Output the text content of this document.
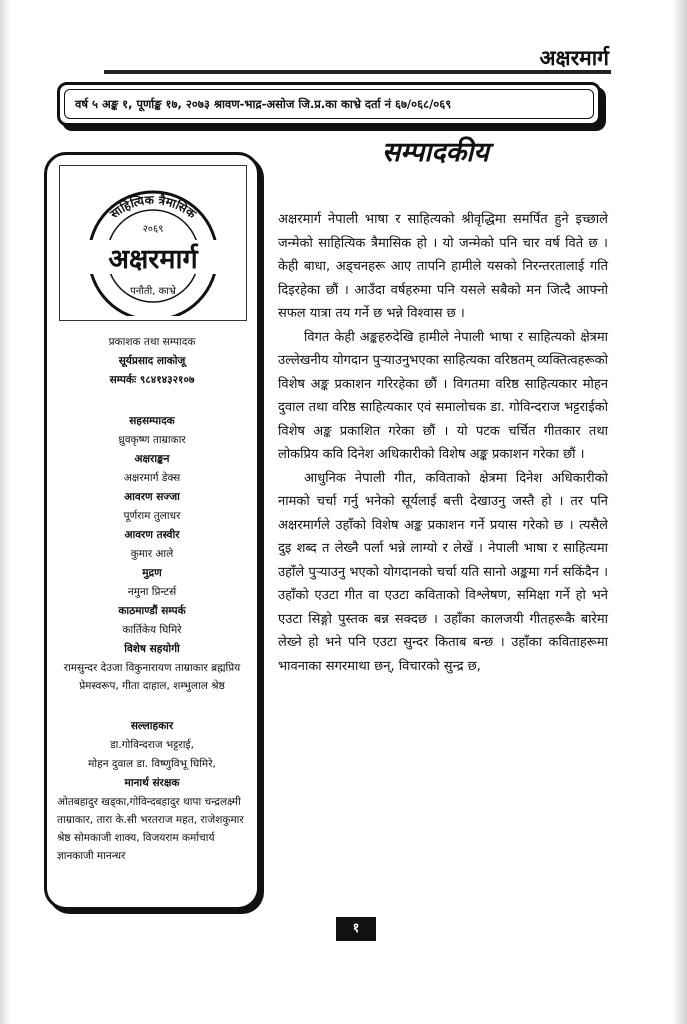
अक्षरमार्ग
वर्ष ५ अङ्क १, पूर्णाङ्क १७, २०७३ श्रावण-भाद्र-असोज जि.प्र.का काभ्रे दर्ता नं ६७/०६८/०६९
सम्पादकीय
साहित्यिक त्रैमासिक
२०६९
अक्षरमार्ग
पनौती, काभ्रे
प्रकाशक तथा सम्पादक
सूर्यप्रसाद लाकोजू
सम्पर्कः ९८४१४३२१०७
सहसम्पादक
ध्रुवकृष्ण ताम्राकार
अक्षराङ्कन
अक्षरमार्ग डेक्स
आवरण सज्जा
पूर्णराम तुलाधर
आवरण तस्वीर
कुमार आले
मुद्रण
नमुना प्रिन्टर्स
काठमाण्डौं सम्पर्क
कार्तिकेय घिमिरे
विशेष सहयोगी
रामसुन्दर देउजा विकुनारायण ताम्राकार ब्रह्मप्रिय प्रेमस्वरूप, गीता दाहाल, शम्भुलाल श्रेष्ठ
सल्लाहकार
डा.गोविन्दराज भट्टराई,
मोहन दुवाल डा. विष्णुविभू घिमिरे,
मानार्थ संरक्षक
ओतबहादुर खड्का,गोविन्दबहादुर थापा चन्द्रलक्ष्मी ताम्राकार, तारा के.सी भरतराज महत, राजेशकुमार श्रेष्ठ सोमकाजी शाक्य, विजयराम कर्माचार्य ज्ञानकाजी मानन्धर

अक्षरमार्ग नेपाली भाषा र साहित्यको श्रीवृद्धिमा समर्पित हुने इच्छाले जन्मेको साहित्यिक त्रैमासिक हो । यो जन्मेको पनि चार वर्ष विते छ । केही बाधा, अड्चनहरू आए तापनि हामीले यसको निरन्तरतालाई गति दिइरहेका छौं । आउँदा वर्षहरुमा पनि यसले सबैको मन जित्दै आफ्नो सफल यात्रा तय गर्ने छ भन्ने विश्वास छ ।

विगत केही अङ्कहरुदेखि हामीले नेपाली भाषा र साहित्यको क्षेत्रमा उल्लेखनीय योगदान पुऱ्याउनुभएका साहित्यका वरिष्ठतम् व्यक्तित्वहरूको विशेष अङ्क प्रकाशन गरिरहेका छौं । विगतमा वरिष्ठ साहित्यकार मोहन दुवाल तथा वरिष्ठ साहित्यकार एवं समालोचक डा. गोविन्दराज भट्टराईको विशेष अङ्क प्रकाशित गरेका छौं । यो पटक चर्चित गीतकार तथा लोकप्रिय कवि दिनेश अधिकारीको विशेष अङ्क प्रकाशन गरेका छौं ।

आधुनिक नेपाली गीत, कविताको क्षेत्रमा दिनेश अधिकारीको नामको चर्चा गर्नु भनेको सूर्यलाई बत्ती देखाउनु जस्तै हो । तर पनि अक्षरमार्गले उहाँको विशेष अङ्क प्रकाशन गर्ने प्रयास गरेको छ । त्यसैले दुइ शब्द त लेख्नै पर्ला भन्ने लाग्यो र लेखें । नेपाली भाषा र साहित्यमा उहाँले पुऱ्याउनु भएको योगदानको चर्चा यति सानो अङ्कमा गर्न सकिंदैन । उहाँको एउटा गीत वा एउटा कविताको विश्लेषण, समिक्षा गर्ने हो भने एउटा सिङ्गो पुस्तक बन्न सक्दछ । उहाँका कालजयी गीतहरूकै बारेमा लेख्ने हो भने पनि एउटा सुन्दर किताब बन्छ । उहाँका कविताहरूमा भावनाका सगरमाथा छन्, विचारको सुन्द्र छ,

१
